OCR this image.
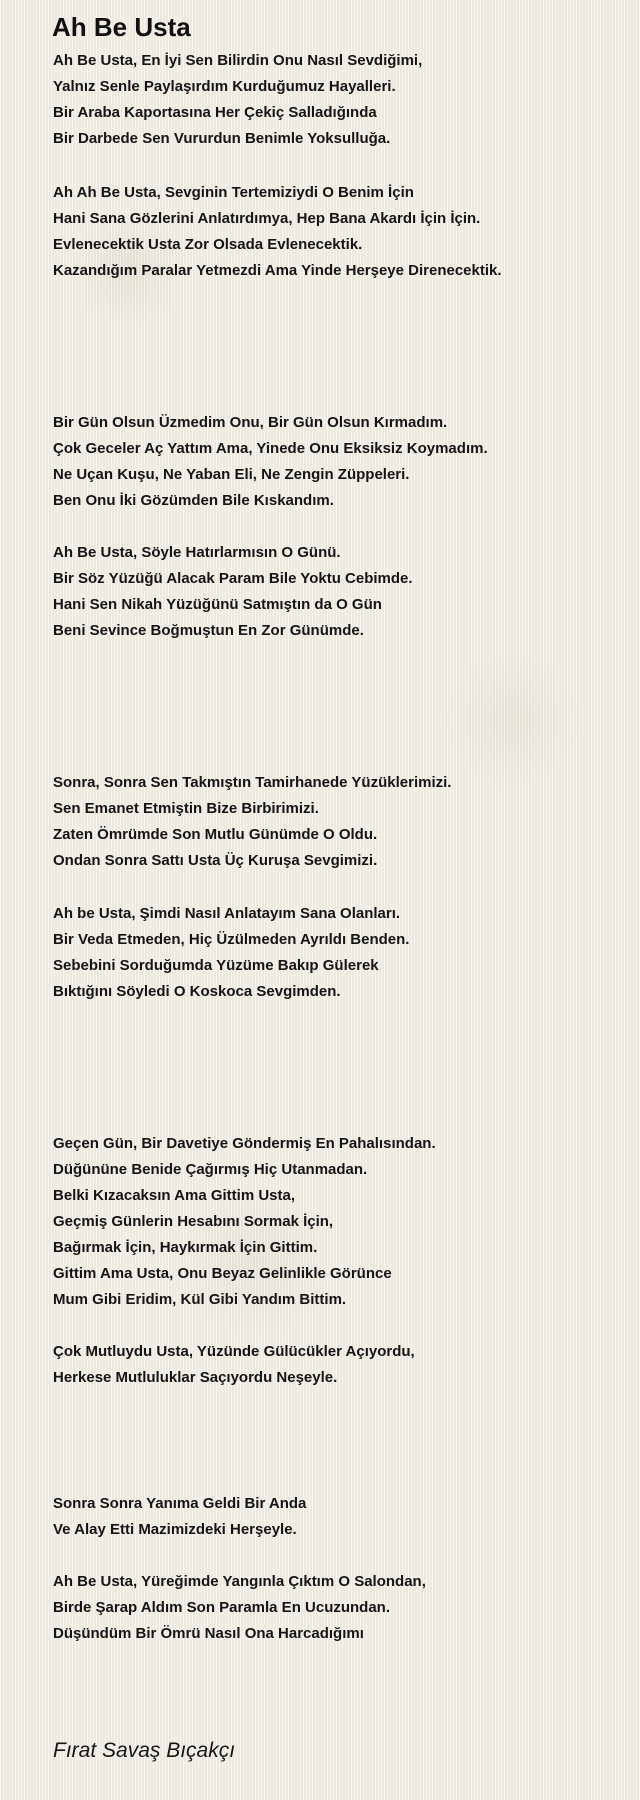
Ah Be Usta
Ah Be Usta, En İyi Sen Bilirdin Onu Nasıl Sevdiğimi,
Yalnız Senle Paylaşırdım Kurduğumuz Hayalleri.
Bir Araba Kaportasına Her Çekiç Salladığında
Bir Darbede Sen Vururdun Benimle Yoksulluğa.
Ah Ah Be Usta, Sevginin Tertemiziydi O Benim İçin
Hani Sana Gözlerini Anlatırdımya, Hep Bana Akardı İçin İçin.
Evlenecektik Usta Zor Olsada Evlenecektik.
Kazandığım Paralar Yetmezdi Ama Yinde Herşeye Direnecektik.
Bir Gün Olsun Üzmedim Onu, Bir Gün Olsun Kırmadım.
Çok Geceler Aç Yattım Ama, Yinede Onu Eksiksiz Koymadım.
Ne Uçan Kuşu, Ne Yaban Eli, Ne Zengin Züppeleri.
Ben Onu İki Gözümden Bile Kıskandım.
Ah Be Usta, Söyle Hatırlarmısın O Günü.
Bir Söz Yüzüğü Alacak Param Bile Yoktu Cebimde.
Hani Sen Nikah Yüzüğünü Satmıştın da O Gün
Beni Sevince Boğmuştun En Zor Günümde.
Sonra, Sonra Sen Takmıştın Tamirhanede Yüzüklerimizi.
Sen Emanet Etmiştin Bize Birbirimizi.
Zaten Ömrümde Son Mutlu Günümde O Oldu.
Ondan Sonra Sattı Usta Üç Kuruşa Sevgimizi.
Ah be Usta, Şimdi Nasıl Anlatayım Sana Olanları.
Bir Veda Etmeden, Hiç Üzülmeden Ayrıldı Benden.
Sebebini Sorduğumda Yüzüme Bakıp Gülerek
Bıktığını Söyledi O Koskoca Sevgimden.
Geçen Gün, Bir Davetiye Göndermiş En Pahalısından.
Düğününe Benide Çağırmış Hiç Utanmadan.
Belki Kızacaksın Ama Gittim Usta,
Geçmiş Günlerin Hesabını Sormak İçin,
Bağırmak İçin, Haykırmak İçin Gittim.
Gittim Ama Usta, Onu Beyaz Gelinlikle Görünce
Mum Gibi Eridim, Kül Gibi Yandım Bittim.
Çok Mutluydu Usta, Yüzünde Gülücükler Açıyordu,
Herkese Mutluluklar Saçıyordu Neşeyle.
Sonra Sonra Yanıma Geldi Bir Anda
Ve Alay Etti Mazimizdeki Herşeyle.
Ah Be Usta, Yüreğimde Yangınla Çıktım O Salondan,
Birde Şarap Aldım Son Paramla En Ucuzundan.
Düşündüm Bir Ömrü Nasıl Ona Harcadığımı
Fırat Savaş Bıçakçı
